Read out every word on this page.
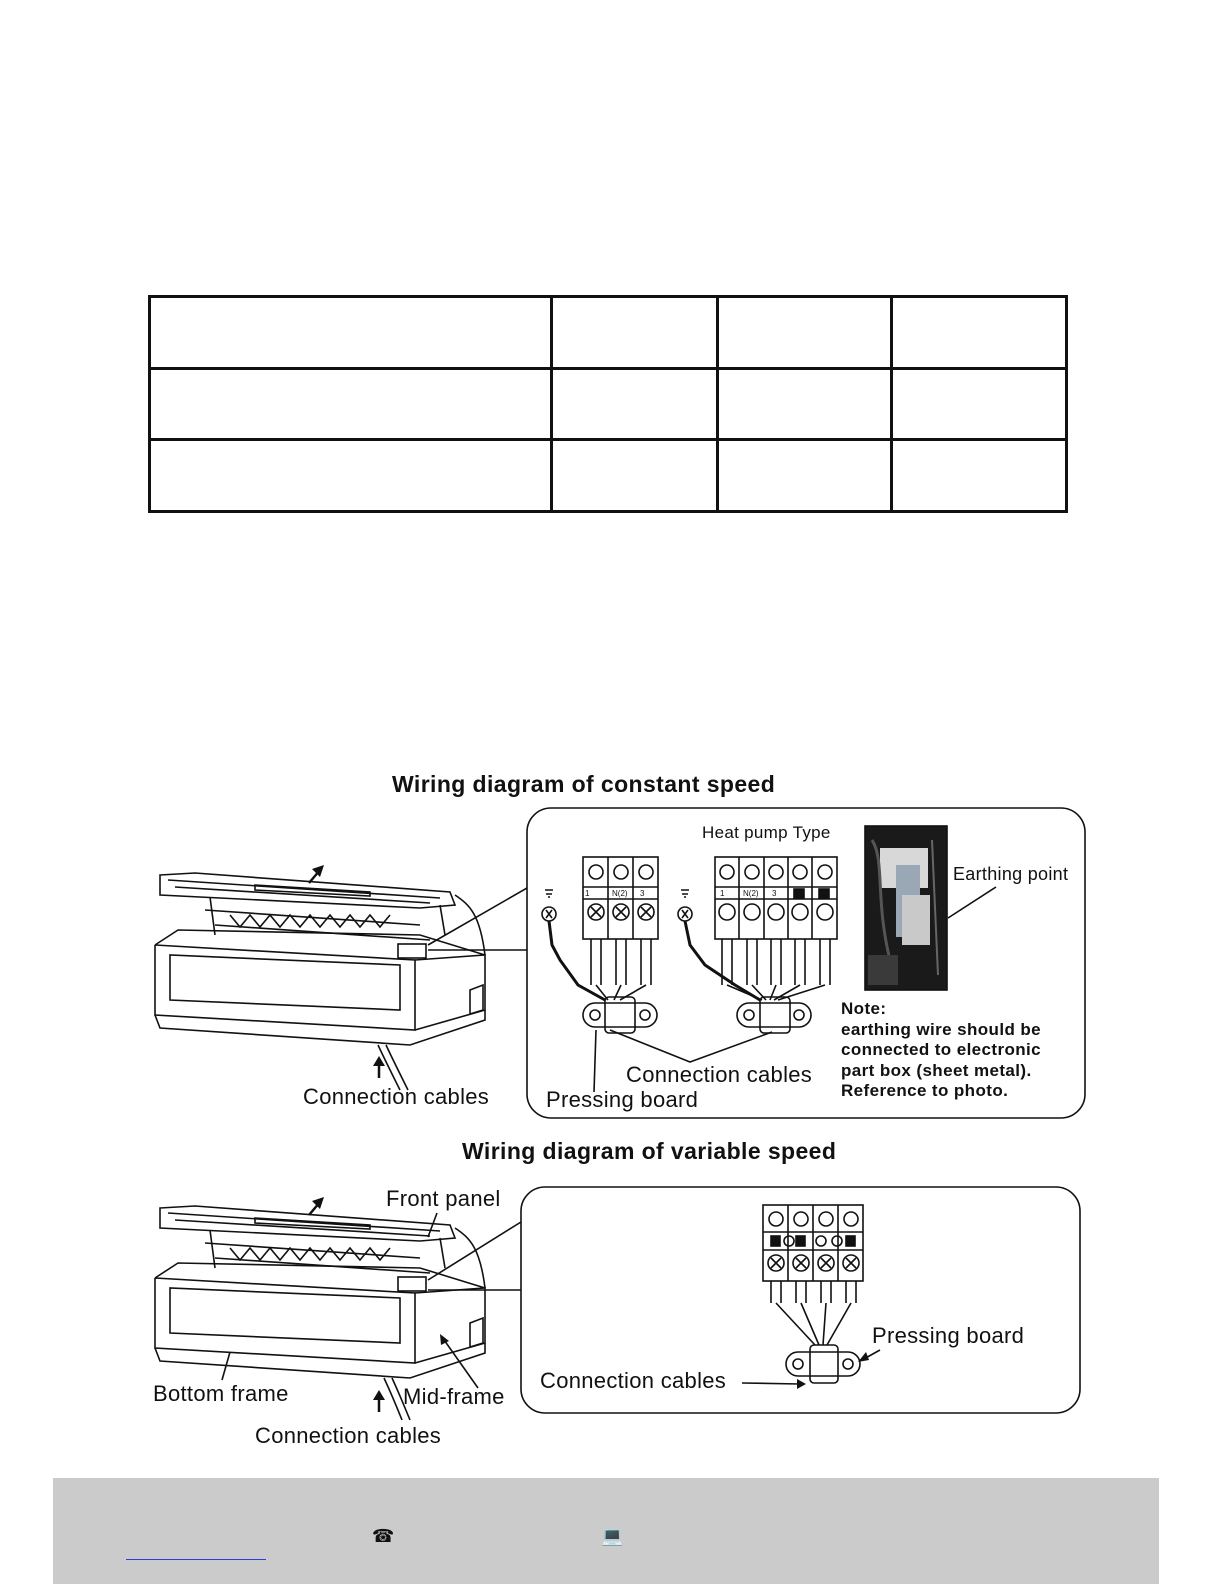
Wiring diagram of constant speed
Heat pump Type
Earthing point
1	N(2) 3	1 N(2) 3
Connection cables
Pressing board
Connection cables
Note:
earthing wire should be
connected to electronic
part box (sheet metal).
Reference to photo.
Wiring diagram of variable speed
Front panel
Pressing board
Connection cables
Bottom frame	Mid-frame
Connection cables
☎	💻
